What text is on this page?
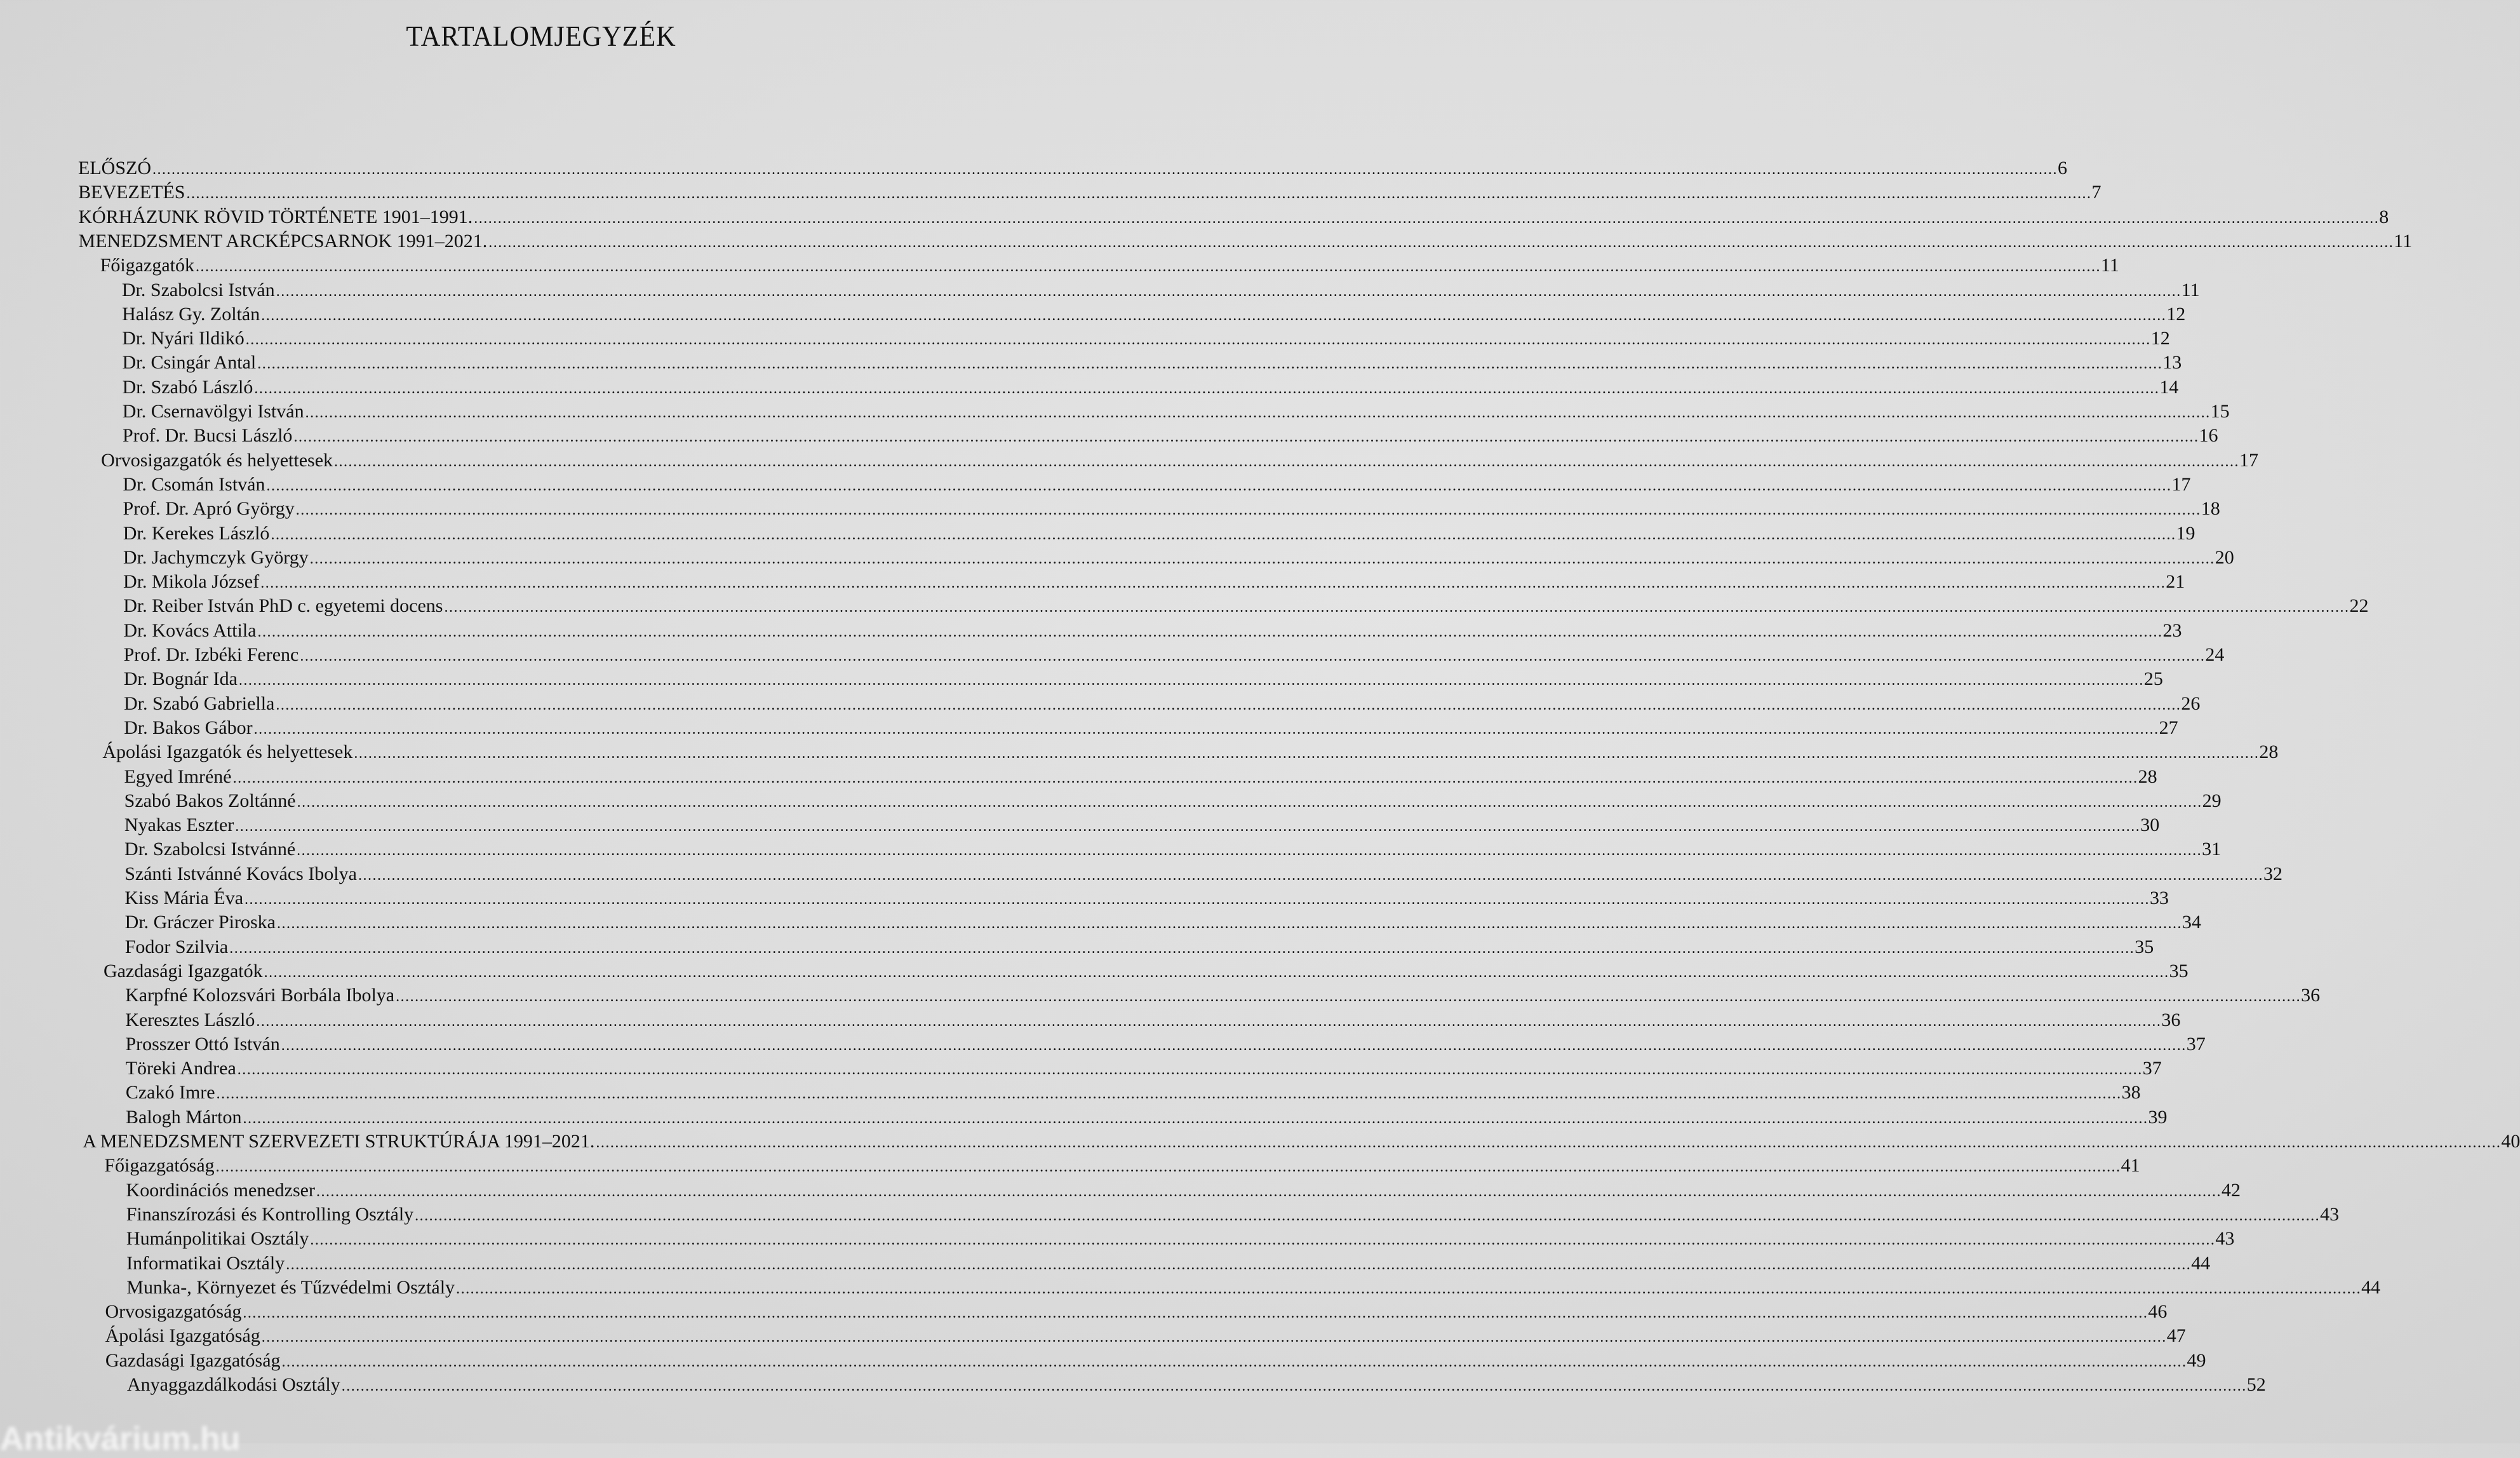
TARTALOMJEGYZÉK
ELŐSZÓ ................................................................................................................................................................................................................................................................................................................................................................................................................ 6
BEVEZETÉS ................................................................................................................................................................................................................................................................................................................................................................................................................ 7
KÓRHÁZUNK RÖVID TÖRTÉNETE 1901–1991. ................................................................................................................................................................................................................................................................................................................................................................................................................ 8
MENEDZSMENT ARCKÉPCSARNOK 1991–2021. ................................................................................................................................................................................................................................................................................................................................................................................................................ 11
Főigazgatók ................................................................................................................................................................................................................................................................................................................................................................................................................ 11
Dr. Szabolcsi István ................................................................................................................................................................................................................................................................................................................................................................................................................ 11
Halász Gy. Zoltán ................................................................................................................................................................................................................................................................................................................................................................................................................ 12
Dr. Nyári Ildikó ................................................................................................................................................................................................................................................................................................................................................................................................................ 12
Dr. Csingár Antal ................................................................................................................................................................................................................................................................................................................................................................................................................ 13
Dr. Szabó László ................................................................................................................................................................................................................................................................................................................................................................................................................ 14
Dr. Csernavölgyi István ................................................................................................................................................................................................................................................................................................................................................................................................................ 15
Prof. Dr. Bucsi László ................................................................................................................................................................................................................................................................................................................................................................................................................ 16
Orvosigazgatók és helyettesek ................................................................................................................................................................................................................................................................................................................................................................................................................ 17
Dr. Csomán István ................................................................................................................................................................................................................................................................................................................................................................................................................ 17
Prof. Dr. Apró György ................................................................................................................................................................................................................................................................................................................................................................................................................ 18
Dr. Kerekes László ................................................................................................................................................................................................................................................................................................................................................................................................................ 19
Dr. Jachymczyk György ................................................................................................................................................................................................................................................................................................................................................................................................................ 20
Dr. Mikola József ................................................................................................................................................................................................................................................................................................................................................................................................................ 21
Dr. Reiber István PhD c. egyetemi docens ................................................................................................................................................................................................................................................................................................................................................................................................................ 22
Dr. Kovács Attila ................................................................................................................................................................................................................................................................................................................................................................................................................ 23
Prof. Dr. Izbéki Ferenc ................................................................................................................................................................................................................................................................................................................................................................................................................ 24
Dr. Bognár Ida ................................................................................................................................................................................................................................................................................................................................................................................................................ 25
Dr. Szabó Gabriella ................................................................................................................................................................................................................................................................................................................................................................................................................ 26
Dr. Bakos Gábor ................................................................................................................................................................................................................................................................................................................................................................................................................ 27
Ápolási Igazgatók és helyettesek ................................................................................................................................................................................................................................................................................................................................................................................................................ 28
Egyed Imréné ................................................................................................................................................................................................................................................................................................................................................................................................................ 28
Szabó Bakos Zoltánné ................................................................................................................................................................................................................................................................................................................................................................................................................ 29
Nyakas Eszter ................................................................................................................................................................................................................................................................................................................................................................................................................ 30
Dr. Szabolcsi Istvánné ................................................................................................................................................................................................................................................................................................................................................................................................................ 31
Szánti Istvánné Kovács Ibolya ................................................................................................................................................................................................................................................................................................................................................................................................................ 32
Kiss Mária Éva ................................................................................................................................................................................................................................................................................................................................................................................................................ 33
Dr. Gráczer Piroska ................................................................................................................................................................................................................................................................................................................................................................................................................ 34
Fodor Szilvia ................................................................................................................................................................................................................................................................................................................................................................................................................ 35
Gazdasági Igazgatók ................................................................................................................................................................................................................................................................................................................................................................................................................ 35
Karpfné Kolozsvári Borbála Ibolya ................................................................................................................................................................................................................................................................................................................................................................................................................ 36
Keresztes László ................................................................................................................................................................................................................................................................................................................................................................................................................ 36
Prosszer Ottó István ................................................................................................................................................................................................................................................................................................................................................................................................................ 37
Töreki Andrea ................................................................................................................................................................................................................................................................................................................................................................................................................ 37
Czakó Imre ................................................................................................................................................................................................................................................................................................................................................................................................................ 38
Balogh Márton ................................................................................................................................................................................................................................................................................................................................................................................................................ 39
A MENEDZSMENT SZERVEZETI STRUKTÚRÁJA 1991–2021. ................................................................................................................................................................................................................................................................................................................................................................................................................ 40
Főigazgatóság ................................................................................................................................................................................................................................................................................................................................................................................................................ 41
Koordinációs menedzser ................................................................................................................................................................................................................................................................................................................................................................................................................ 42
Finanszírozási és Kontrolling Osztály ................................................................................................................................................................................................................................................................................................................................................................................................................ 43
Humánpolitikai Osztály ................................................................................................................................................................................................................................................................................................................................................................................................................ 43
Informatikai Osztály ................................................................................................................................................................................................................................................................................................................................................................................................................ 44
Munka-, Környezet és Tűzvédelmi Osztály ................................................................................................................................................................................................................................................................................................................................................................................................................ 44
Orvosigazgatóság ................................................................................................................................................................................................................................................................................................................................................................................................................ 46
Ápolási Igazgatóság ................................................................................................................................................................................................................................................................................................................................................................................................................ 47
Gazdasági Igazgatóság ................................................................................................................................................................................................................................................................................................................................................................................................................ 49
Anyaggazdálkodási Osztály ................................................................................................................................................................................................................................................................................................................................................................................................................ 52
Antikvárium.hu
